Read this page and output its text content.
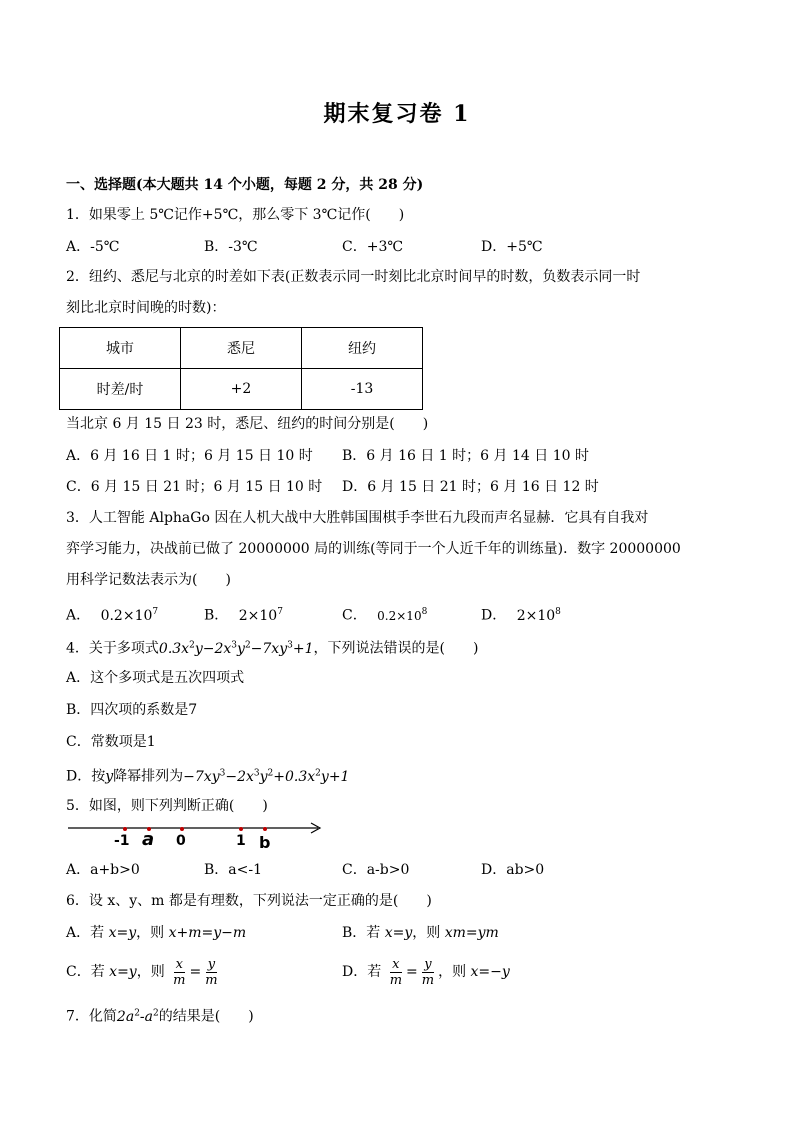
期末复习卷 1
一、选择题(本大题共 14 个小题，每题 2 分，共 28 分)
1．如果零上 5℃记作+5℃，那么零下 3℃记作(　　)
A．-5℃	B．-3℃	C．+3℃	D．+5℃
2．纽约、悉尼与北京的时差如下表(正数表示同一时刻比北京时间早的时数，负数表示同一时
刻比北京时间晚的时数)：
城市	悉尼	纽约
时差/时	+2	-13
当北京 6 月 15 日 23 时，悉尼、纽约的时间分别是(　　)
A．6 月 16 日 1 时；6 月 15 日 10 时 B．6 月 16 日 1 时；6 月 14 日 10 时
C．6 月 15 日 21 时；6 月 15 日 10 时 D．6 月 15 日 21 时；6 月 16 日 12 时
3．人工智能 AlphaGo 因在人机大战中大胜韩国围棋手李世石九段而声名显赫．它具有自我对
弈学习能力，决战前已做了 20000000 局的训练(等同于一个人近千年的训练量)．数字 20000000
用科学记数法表示为(　　)
A． $0.2\times 10^7$	B． $2\times 10^7$	C． $0.2\times 10^8$	D． $2\times 10^8$
4．关于多项式$0.3x^2y-2x^3y^2-7xy^3+1$，下列说法错误的是(　　)
A．这个多项式是五次四项式
B．四次项的系数是7
C．常数项是1
D．按y降幂排列为$-7xy^3-2x^3y^2+0.3x^2y+1$
5．如图，则下列判断正确(　　)
-1 a 0	1 b
A．a+b>0	B．a<-1	C．a-b>0	D．ab>0
6．设 x、y、m 都是有理数，下列说法一定正确的是(　　)
A．若 x=y，则 x+m=y−m	B．若 x=y，则 xm=ym
C．若 x=y，则 $\frac{x}{m} = \frac{y}{m}$	D．若 $\frac{x}{m} = \frac{y}{m}$ ，则 x=−y
7．化简$2a^2-a^2$的结果是(　　)
